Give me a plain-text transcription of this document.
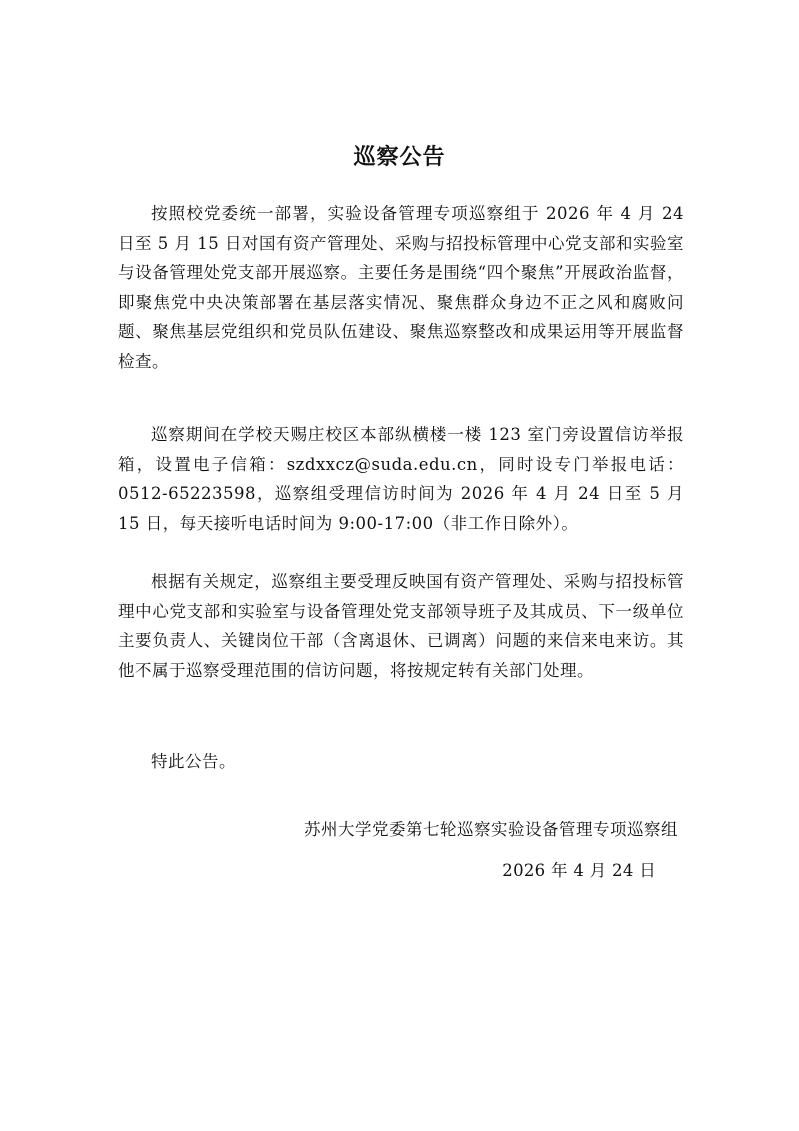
巡察公告

按照校党委统一部署，实验设备管理专项巡察组于 2026 年 4 月 24 日至 5 月 15 日对国有资产管理处、采购与招投标管理中心党支部和实验室与设备管理处党支部开展巡察。主要任务是围绕“四个聚焦”开展政治监督，即聚焦党中央决策部署在基层落实情况、聚焦群众身边不正之风和腐败问题、聚焦基层党组织和党员队伍建设、聚焦巡察整改和成果运用等开展监督检查。

巡察期间在学校天赐庄校区本部纵横楼一楼 123 室门旁设置信访举报箱，设置电子信箱：szdxxcz@suda.edu.cn，同时设专门举报电话：0512-65223598，巡察组受理信访时间为 2026 年 4 月 24 日至 5 月 15 日，每天接听电话时间为 9:00-17:00（非工作日除外）。

根据有关规定，巡察组主要受理反映国有资产管理处、采购与招投标管理中心党支部和实验室与设备管理处党支部领导班子及其成员、下一级单位主要负责人、关键岗位干部（含离退休、已调离）问题的来信来电来访。其他不属于巡察受理范围的信访问题，将按规定转有关部门处理。

特此公告。

苏州大学党委第七轮巡察实验设备管理专项巡察组
2026 年 4 月 24 日
